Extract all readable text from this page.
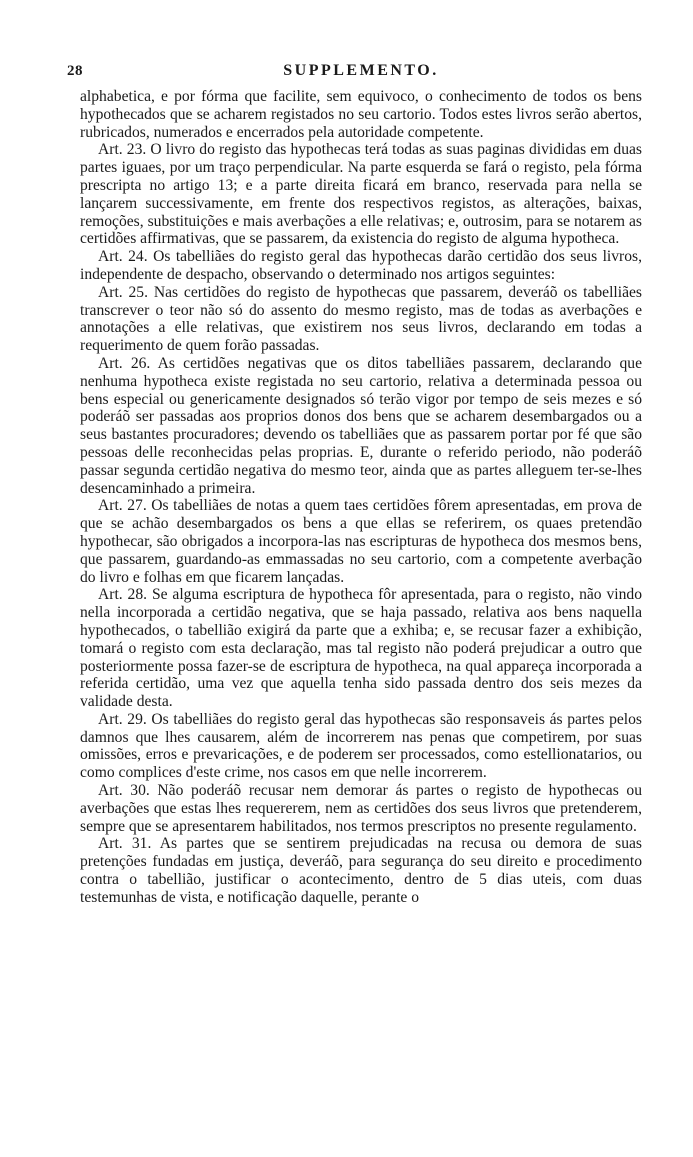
28	SUPPLEMENTO.

alphabetica, e por fórma que facilite, sem equivoco, o conhecimento de todos os bens hypothecados que se acharem registados no seu cartorio. Todos estes livros serão abertos, rubricados, numerados e encerrados pela autoridade competente.

Art. 23. O livro do registo das hypothecas terá todas as suas paginas divididas em duas partes iguaes, por um traço perpendicular. Na parte esquerda se fará o registo, pela fórma prescripta no artigo 13; e a parte direita ficará em branco, reservada para nella se lançarem successivamente, em frente dos respectivos registos, as alterações, baixas, remoções, substituições e mais averbações a elle relativas; e, outrosim, para se notarem as certidões affirmativas, que se passarem, da existencia do registo de alguma hypotheca.

Art. 24. Os tabelliães do registo geral das hypothecas darão certidão dos seus livros, independente de despacho, observando o determinado nos artigos seguintes:

Art. 25. Nas certidões do registo de hypothecas que passarem, deveráõ os tabelliães transcrever o teor não só do assento do mesmo registo, mas de todas as averbações e annotações a elle relativas, que existirem nos seus livros, declarando em todas a requerimento de quem forão passadas.

Art. 26. As certidões negativas que os ditos tabelliães passarem, declarando que nenhuma hypotheca existe registada no seu cartorio, relativa a determinada pessoa ou bens especial ou genericamente designados só terão vigor por tempo de seis mezes e só poderáõ ser passadas aos proprios donos dos bens que se acharem desembargados ou a seus bastantes procuradores; devendo os tabelliães que as passarem portar por fé que são pessoas delle reconhecidas pelas proprias. E, durante o referido periodo, não poderáõ passar segunda certidão negativa do mesmo teor, ainda que as partes alleguem ter-se-lhes desencaminhado a primeira.

Art. 27. Os tabelliães de notas a quem taes certidões fôrem apresentadas, em prova de que se achão desembargados os bens a que ellas se referirem, os quaes pretendão hypothecar, são obrigados a incorpora-las nas escripturas de hypotheca dos mesmos bens, que passarem, guardando-as emmassadas no seu cartorio, com a competente averbação do livro e folhas em que ficarem lançadas.

Art. 28. Se alguma escriptura de hypotheca fôr apresentada, para o registo, não vindo nella incorporada a certidão negativa, que se haja passado, relativa aos bens naquella hypothecados, o tabellião exigirá da parte que a exhiba; e, se recusar fazer a exhibição, tomará o registo com esta declaração, mas tal registo não poderá prejudicar a outro que posteriormente possa fazer-se de escriptura de hypotheca, na qual appareça incorporada a referida certidão, uma vez que aquella tenha sido passada dentro dos seis mezes da validade desta.

Art. 29. Os tabelliães do registo geral das hypothecas são responsaveis ás partes pelos damnos que lhes causarem, além de incorrerem nas penas que competirem, por suas omissões, erros e prevaricações, e de poderem ser processados, como estellionatarios, ou como complices d'este crime, nos casos em que nelle incorrerem.

Art. 30. Não poderáõ recusar nem demorar ás partes o registo de hypothecas ou averbações que estas lhes requererem, nem as certidões dos seus livros que pretenderem, sempre que se apresentarem habilitados, nos termos prescriptos no presente regulamento.

Art. 31. As partes que se sentirem prejudicadas na recusa ou demora de suas pretenções fundadas em justiça, deveráõ, para segurança do seu direito e procedimento contra o tabellião, justificar o acontecimento, dentro de 5 dias uteis, com duas testemunhas de vista, e notificação daquelle, perante o
